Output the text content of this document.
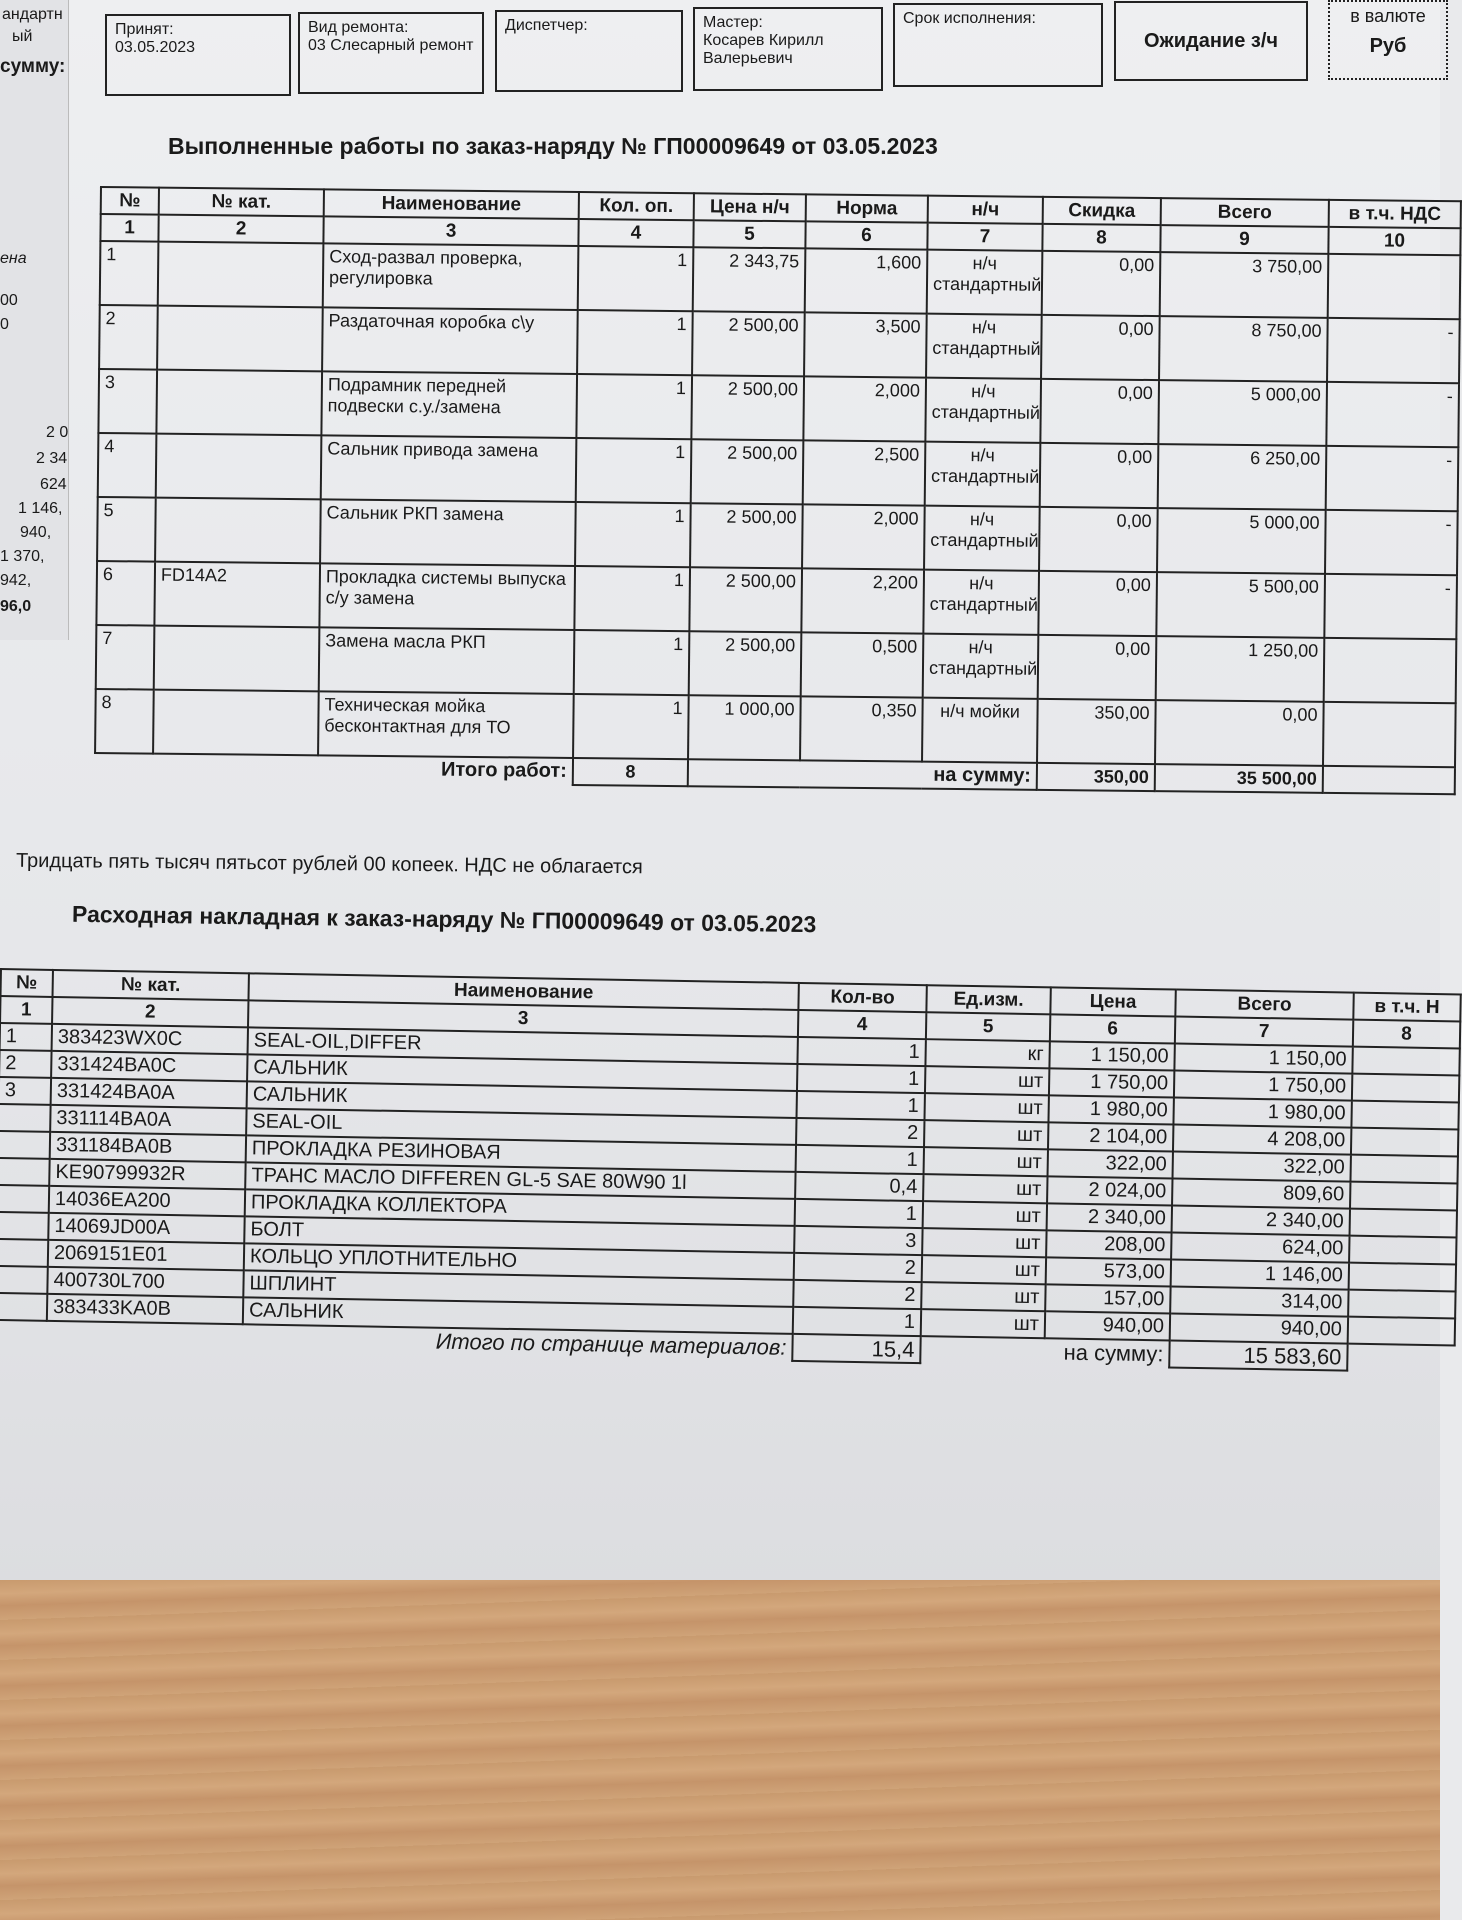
андартн
ый
сумму:
ена
00
0
2 0
2 34
624
1 146,
940,
1 370,
942,
96,0
Принят:
03.05.2023
Вид ремонта:
03 Слесарный ремонт
Диспетчер:	Мастер:
Косарев Кирилл Валерьевич
Срок исполнения:
Ожидание з/ч
в валюте
Руб
Выполненные работы по заказ-наряду № ГП00009649 от 03.05.2023
№	№ кат.	Наименование	Кол. оп.	Цена н/ч	Норма	н/ч	Скидка	Всего	в т.ч. НДС
1	2	3	4	5	6	7	8	9	10
1		Сход-развал проверка, регулировка	1	2 343,75	1,600	н/ч стандартный	0,00	3 750,00	
2		Раздаточная коробка с\у	1	2 500,00	3,500	н/ч стандартный	0,00	8 750,00	-
3		Подрамник передней подвески с.у./замена	1	2 500,00	2,000	н/ч стандартный	0,00	5 000,00	-
4		Сальник привода замена	1	2 500,00	2,500	н/ч стандартный	0,00	6 250,00	-
5		Сальник РКП замена	1	2 500,00	2,000	н/ч стандартный	0,00	5 000,00	-
6	FD14A2	Прокладка системы выпуска с/у замена	1	2 500,00	2,200	н/ч стандартный	0,00	5 500,00	-
7		Замена масла РКП	1	2 500,00	0,500	н/ч стандартный	0,00	1 250,00	
8		Техническая мойка бесконтактная для ТО	1	1 000,00	0,350	н/ч мойки	350,00	0,00	
Итого работ:			8	на сумму:			350,00	35 500,00	
Тридцать пять тысяч пятьсот рублей 00 копеек. НДС не облагается
Расходная накладная к заказ-наряду № ГП00009649 от 03.05.2023
№	№ кат.	Наименование	Кол-во	Ед.изм.	Цена	Всего	в т.ч. Н
1	2	3	4	5	6	7	8
1	383423WX0C	SEAL-OIL,DIFFER	1	кг	1 150,00	1 150,00	
2	331424BA0C	САЛЬНИК	1	шт	1 750,00	1 750,00	
3	331424BA0A	САЛЬНИК	1	шт	1 980,00	1 980,00	
	331114BA0A	SEAL-OIL	2	шт	2 104,00	4 208,00	
	331184BA0B	ПРОКЛАДКА РЕЗИНОВАЯ	1	шт	322,00	322,00	
	KE90799932R	ТРАНС МАСЛО DIFFEREN GL-5 SAE 80W90 1l	0,4	шт	2 024,00	809,60	
	14036EA200	ПРОКЛАДКА КОЛЛЕКТОРА	1	шт	2 340,00	2 340,00	
	14069JD00A	БОЛТ	3	шт	208,00	624,00	
	2069151E01	КОЛЬЦО УПЛОТНИТЕЛЬНО	2	шт	573,00	1 146,00	
	400730L700	ШПЛИНТ	2	шт	157,00	314,00	
	383433KA0B	САЛЬНИК	1	шт	940,00	940,00	
Итого по странице материалов:			15,4	на сумму:		15 583,60	
